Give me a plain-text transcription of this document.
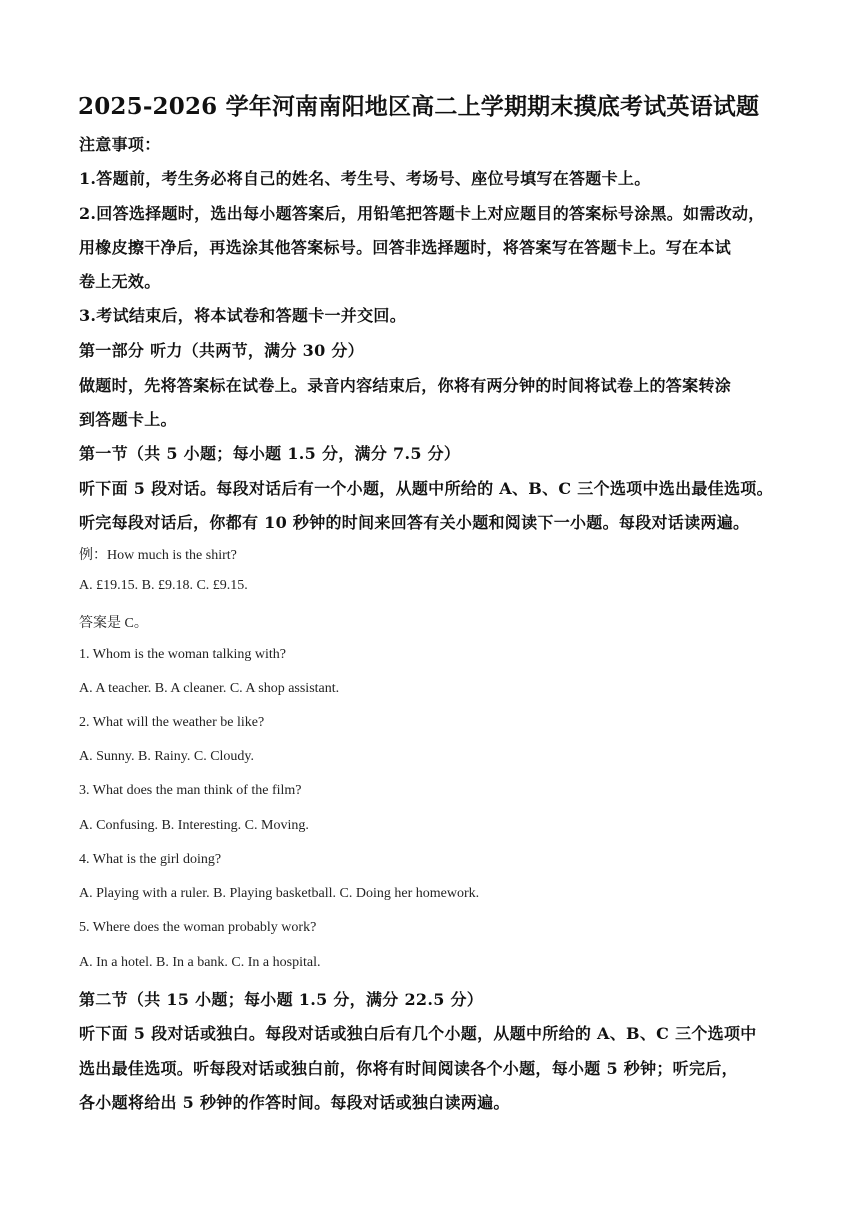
2025-2026 学年河南南阳地区高二上学期期末摸底考试英语试题
注意事项：
1.答题前，考生务必将自己的姓名、考生号、考场号、座位号填写在答题卡上。
2.回答选择题时，选出每小题答案后，用铅笔把答题卡上对应题目的答案标号涂黑。如需改动，
用橡皮擦干净后，再选涂其他答案标号。回答非选择题时，将答案写在答题卡上。写在本试
卷上无效。
3.考试结束后，将本试卷和答题卡一并交回。
第一部分 听力（共两节，满分 30 分）
做题时，先将答案标在试卷上。录音内容结束后，你将有两分钟的时间将试卷上的答案转涂
到答题卡上。
第一节（共 5 小题；每小题 1.5 分，满分 7.5 分）
听下面 5 段对话。每段对话后有一个小题，从题中所给的 A、B、C 三个选项中选出最佳选项。
听完每段对话后，你都有 10 秒钟的时间来回答有关小题和阅读下一小题。每段对话读两遍。
例：How much is the shirt?
A. £19.15. B. £9.18. C. £9.15.
答案是 C。
1. Whom is the woman talking with?
A. A teacher. B. A cleaner. C. A shop assistant.
2. What will the weather be like?
A. Sunny. B. Rainy. C. Cloudy.
3. What does the man think of the film?
A. Confusing. B. Interesting. C. Moving.
4. What is the girl doing?
A. Playing with a ruler. B. Playing basketball. C. Doing her homework.
5. Where does the woman probably work?
A. In a hotel. B. In a bank. C. In a hospital.
第二节（共 15 小题；每小题 1.5 分，满分 22.5 分）
听下面 5 段对话或独白。每段对话或独白后有几个小题，从题中所给的 A、B、C 三个选项中
选出最佳选项。听每段对话或独白前，你将有时间阅读各个小题，每小题 5 秒钟；听完后，
各小题将给出 5 秒钟的作答时间。每段对话或独白读两遍。
